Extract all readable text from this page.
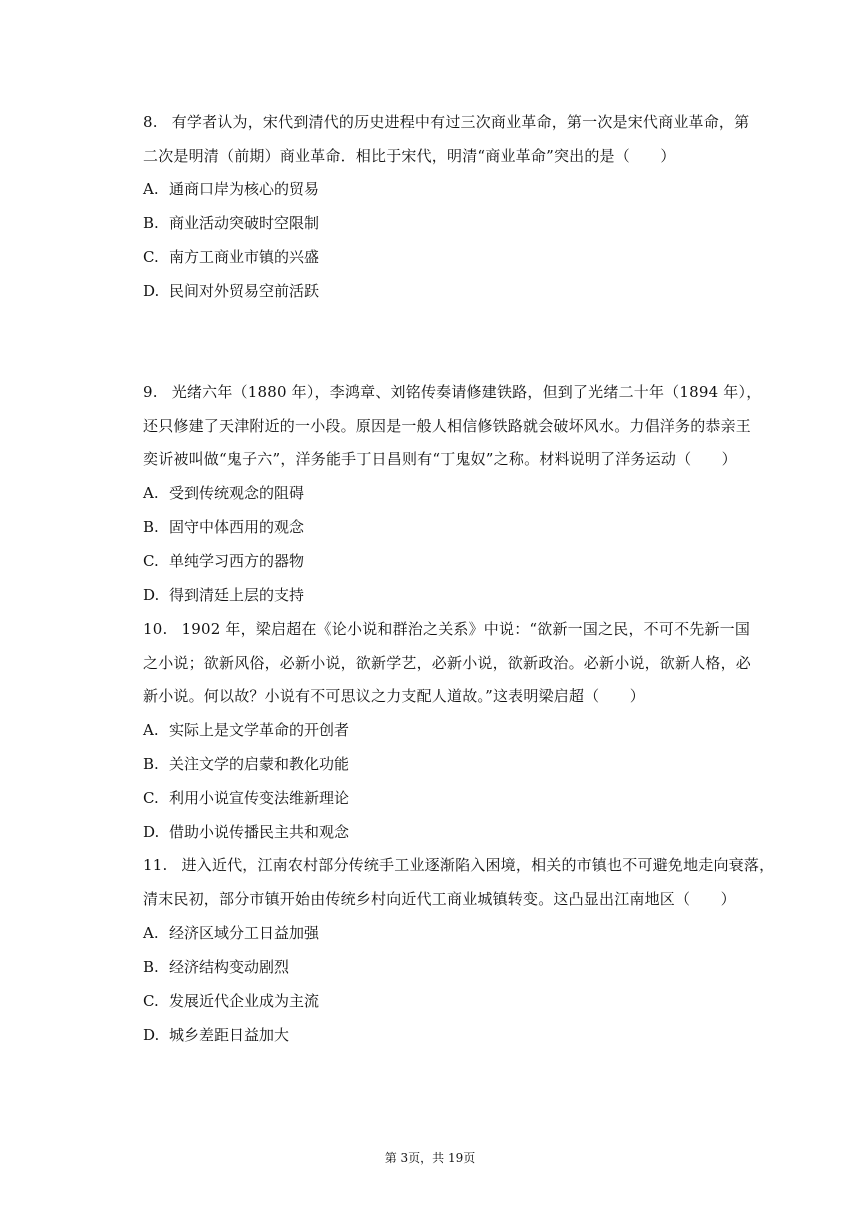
8. 有学者认为，宋代到清代的历史进程中有过三次商业革命，第一次是宋代商业革命，第
二次是明清（前期）商业革命．相比于宋代，明清“商业革命”突出的是（　　）
A. 通商口岸为核心的贸易
B. 商业活动突破时空限制
C. 南方工商业市镇的兴盛
D. 民间对外贸易空前活跃
9. 光绪六年（1880 年），李鸿章、刘铭传奏请修建铁路，但到了光绪二十年（1894 年），
还只修建了天津附近的一小段。原因是一般人相信修铁路就会破坏风水。力倡洋务的恭亲王
奕䜣被叫做“鬼子六”，洋务能手丁日昌则有“丁鬼奴”之称。材料说明了洋务运动（　　）
A. 受到传统观念的阻碍
B. 固守中体西用的观念
C. 单纯学习西方的器物
D. 得到清廷上层的支持
10. 1902 年，梁启超在《论小说和群治之关系》中说：“欲新一国之民，不可不先新一国
之小说；欲新风俗，必新小说，欲新学艺，必新小说，欲新政治。必新小说，欲新人格，必
新小说。何以故？小说有不可思议之力支配人道故。”这表明梁启超（　　）
A. 实际上是文学革命的开创者
B. 关注文学的启蒙和教化功能
C. 利用小说宣传变法维新理论
D. 借助小说传播民主共和观念
11. 进入近代，江南农村部分传统手工业逐渐陷入困境，相关的市镇也不可避免地走向衰落，
清末民初，部分市镇开始由传统乡村向近代工商业城镇转变。这凸显出江南地区（　　）
A. 经济区域分工日益加强
B. 经济结构变动剧烈
C. 发展近代企业成为主流
D. 城乡差距日益加大
第 3页，共 19页
